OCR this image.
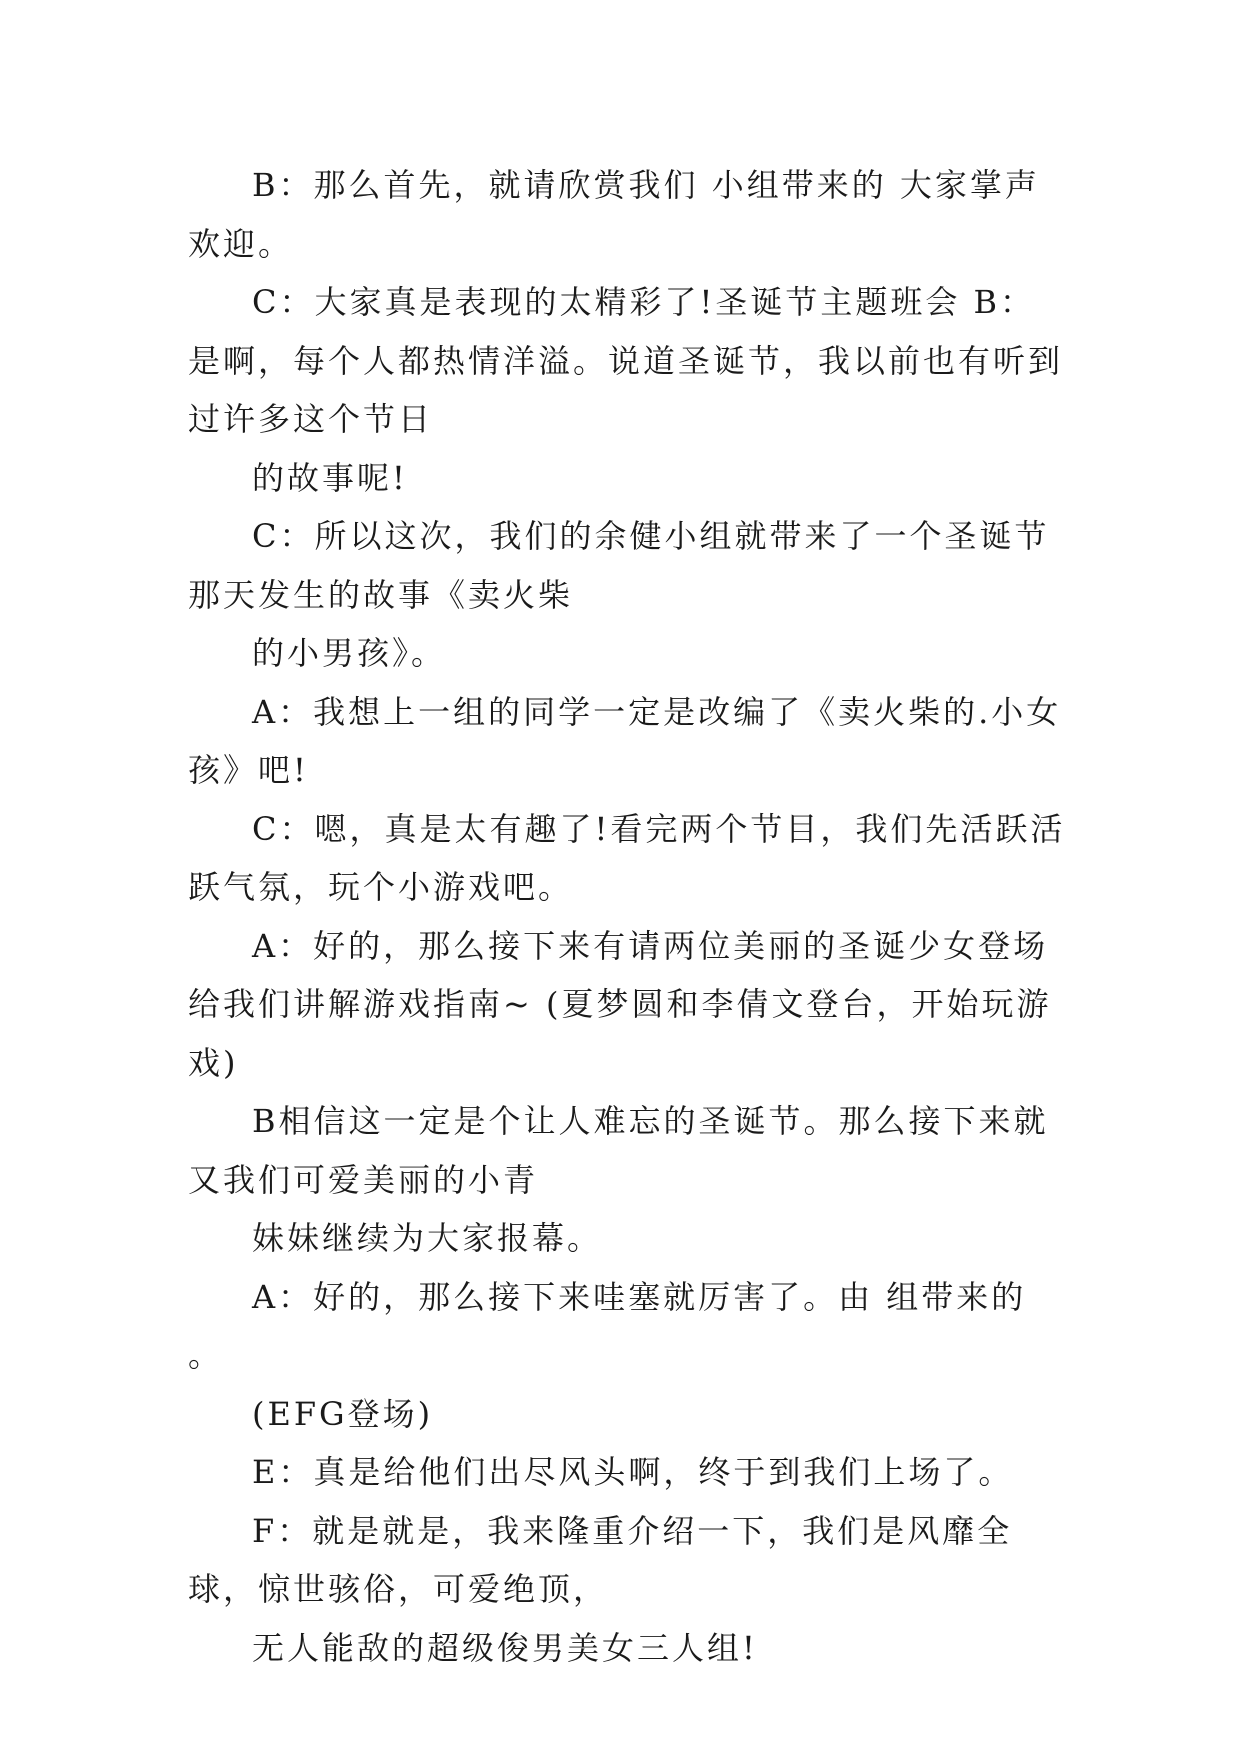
B：那么首先，就请欣赏我们 小组带来的 大家掌声欢迎。

C：大家真是表现的太精彩了!圣诞节主题班会 B：是啊，每个人都热情洋溢。说道圣诞节，我以前也有听到过许多这个节日

的故事呢!

C：所以这次，我们的余健小组就带来了一个圣诞节那天发生的故事《卖火柴

的小男孩》。

A：我想上一组的同学一定是改编了《卖火柴的.小女孩》吧!

C：嗯，真是太有趣了!看完两个节目，我们先活跃活跃气氛，玩个小游戏吧。

A：好的，那么接下来有请两位美丽的圣诞少女登场给我们讲解游戏指南~ (夏梦圆和李倩文登台，开始玩游戏)

B相信这一定是个让人难忘的圣诞节。那么接下来就又我们可爱美丽的小青

妹妹继续为大家报幕。

A：好的，那么接下来哇塞就厉害了。由 组带来的 。

(EFG登场)

E：真是给他们出尽风头啊，终于到我们上场了。

F：就是就是，我来隆重介绍一下，我们是风靡全球，惊世骇俗，可爱绝顶，

无人能敌的超级俊男美女三人组!
